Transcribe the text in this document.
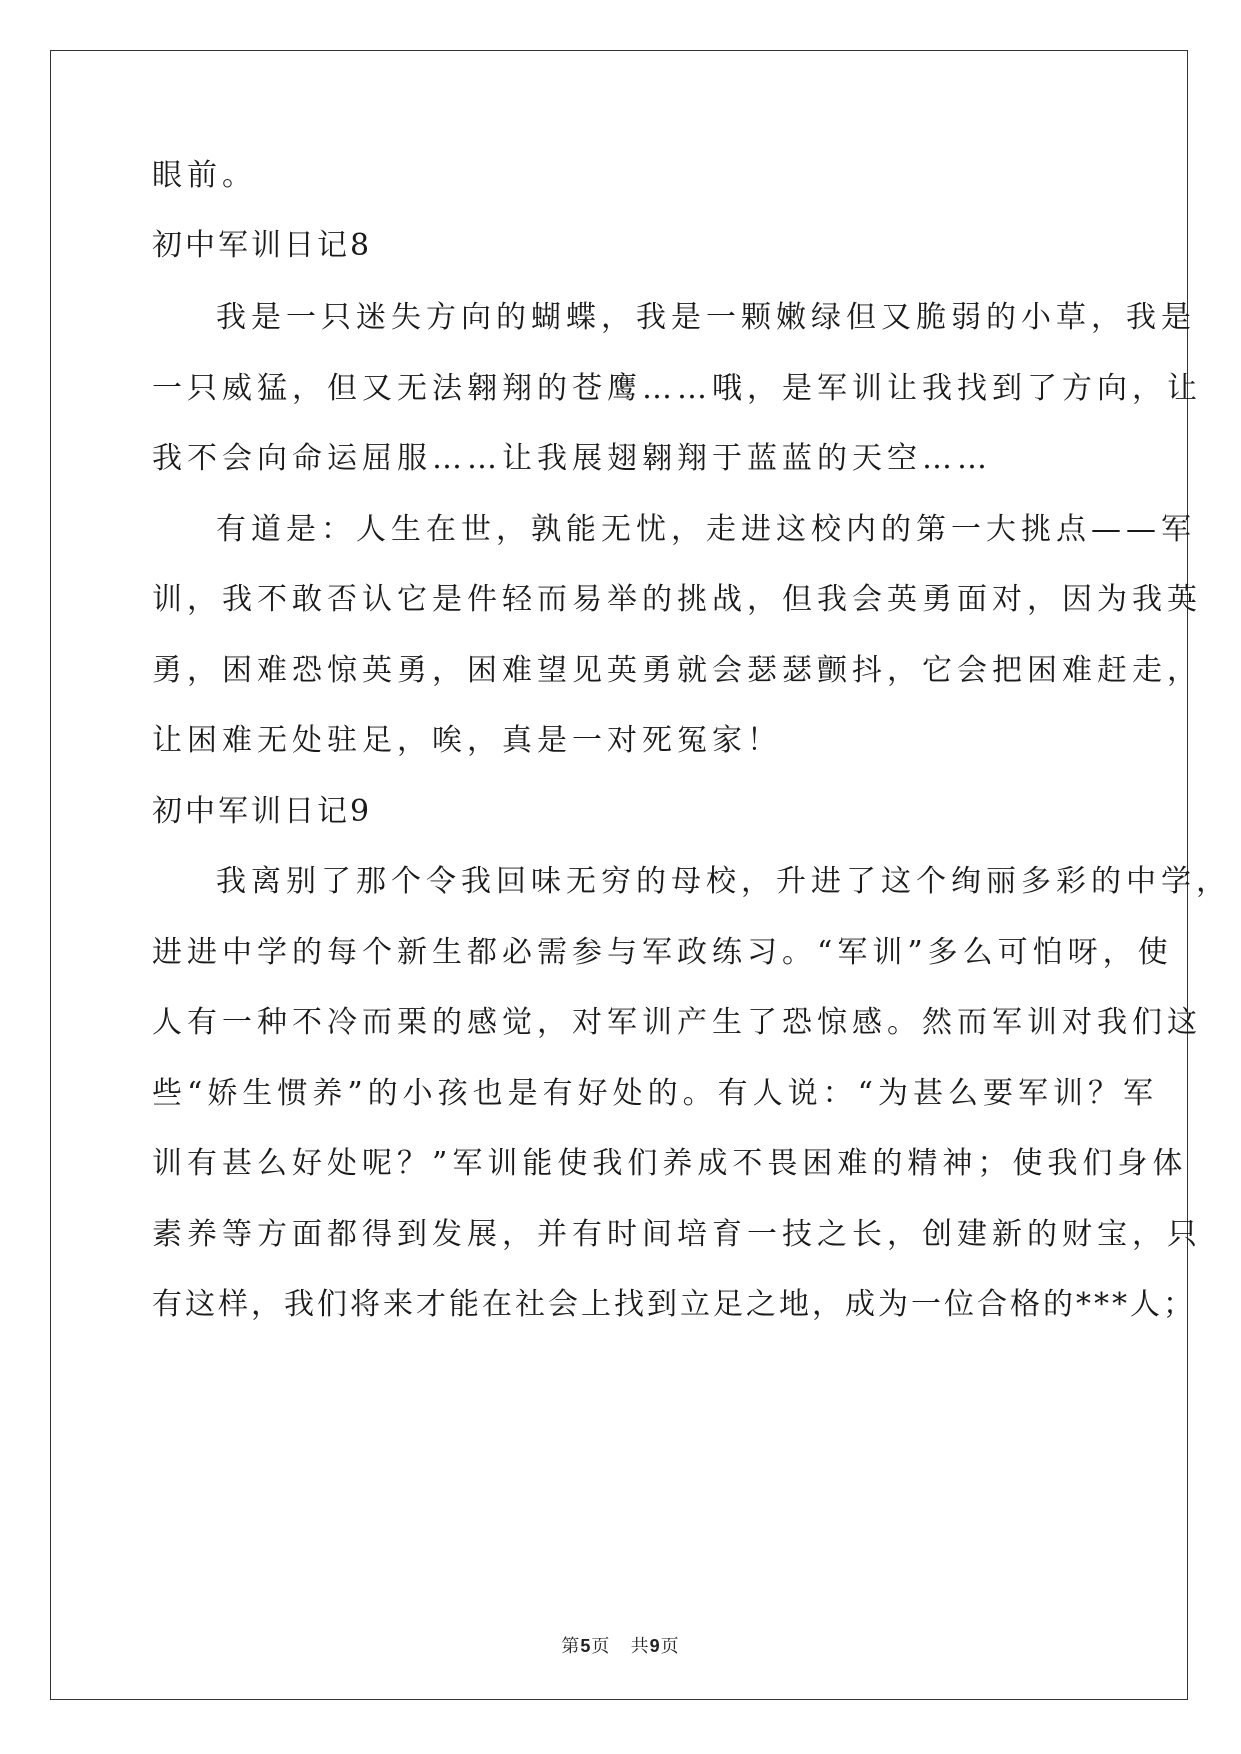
眼前。
初中军训日记8
我是一只迷失方向的蝴蝶，我是一颗嫩绿但又脆弱的小草，我是
一只威猛，但又无法翱翔的苍鹰……哦，是军训让我找到了方向，让
我不会向命运屈服……让我展翅翱翔于蓝蓝的天空……
有道是：人生在世，孰能无忧，走进这校内的第一大挑点——军
训，我不敢否认它是件轻而易举的挑战，但我会英勇面对，因为我英
勇，困难恐惊英勇，困难望见英勇就会瑟瑟颤抖，它会把困难赶走，
让困难无处驻足，唉，真是一对死冤家！
初中军训日记9
我离别了那个令我回味无穷的母校，升进了这个绚丽多彩的中学，
进进中学的每个新生都必需参与军政练习。“军训”多么可怕呀，使
人有一种不冷而栗的感觉，对军训产生了恐惊感。然而军训对我们这
些“娇生惯养”的小孩也是有好处的。有人说：“为甚么要军训？军
训有甚么好处呢？”军训能使我们养成不畏困难的精神；使我们身体
素养等方面都得到发展，并有时间培育一技之长，创建新的财宝，只
有这样，我们将来才能在社会上找到立足之地，成为一位合格的***人；
第5页 共9页
